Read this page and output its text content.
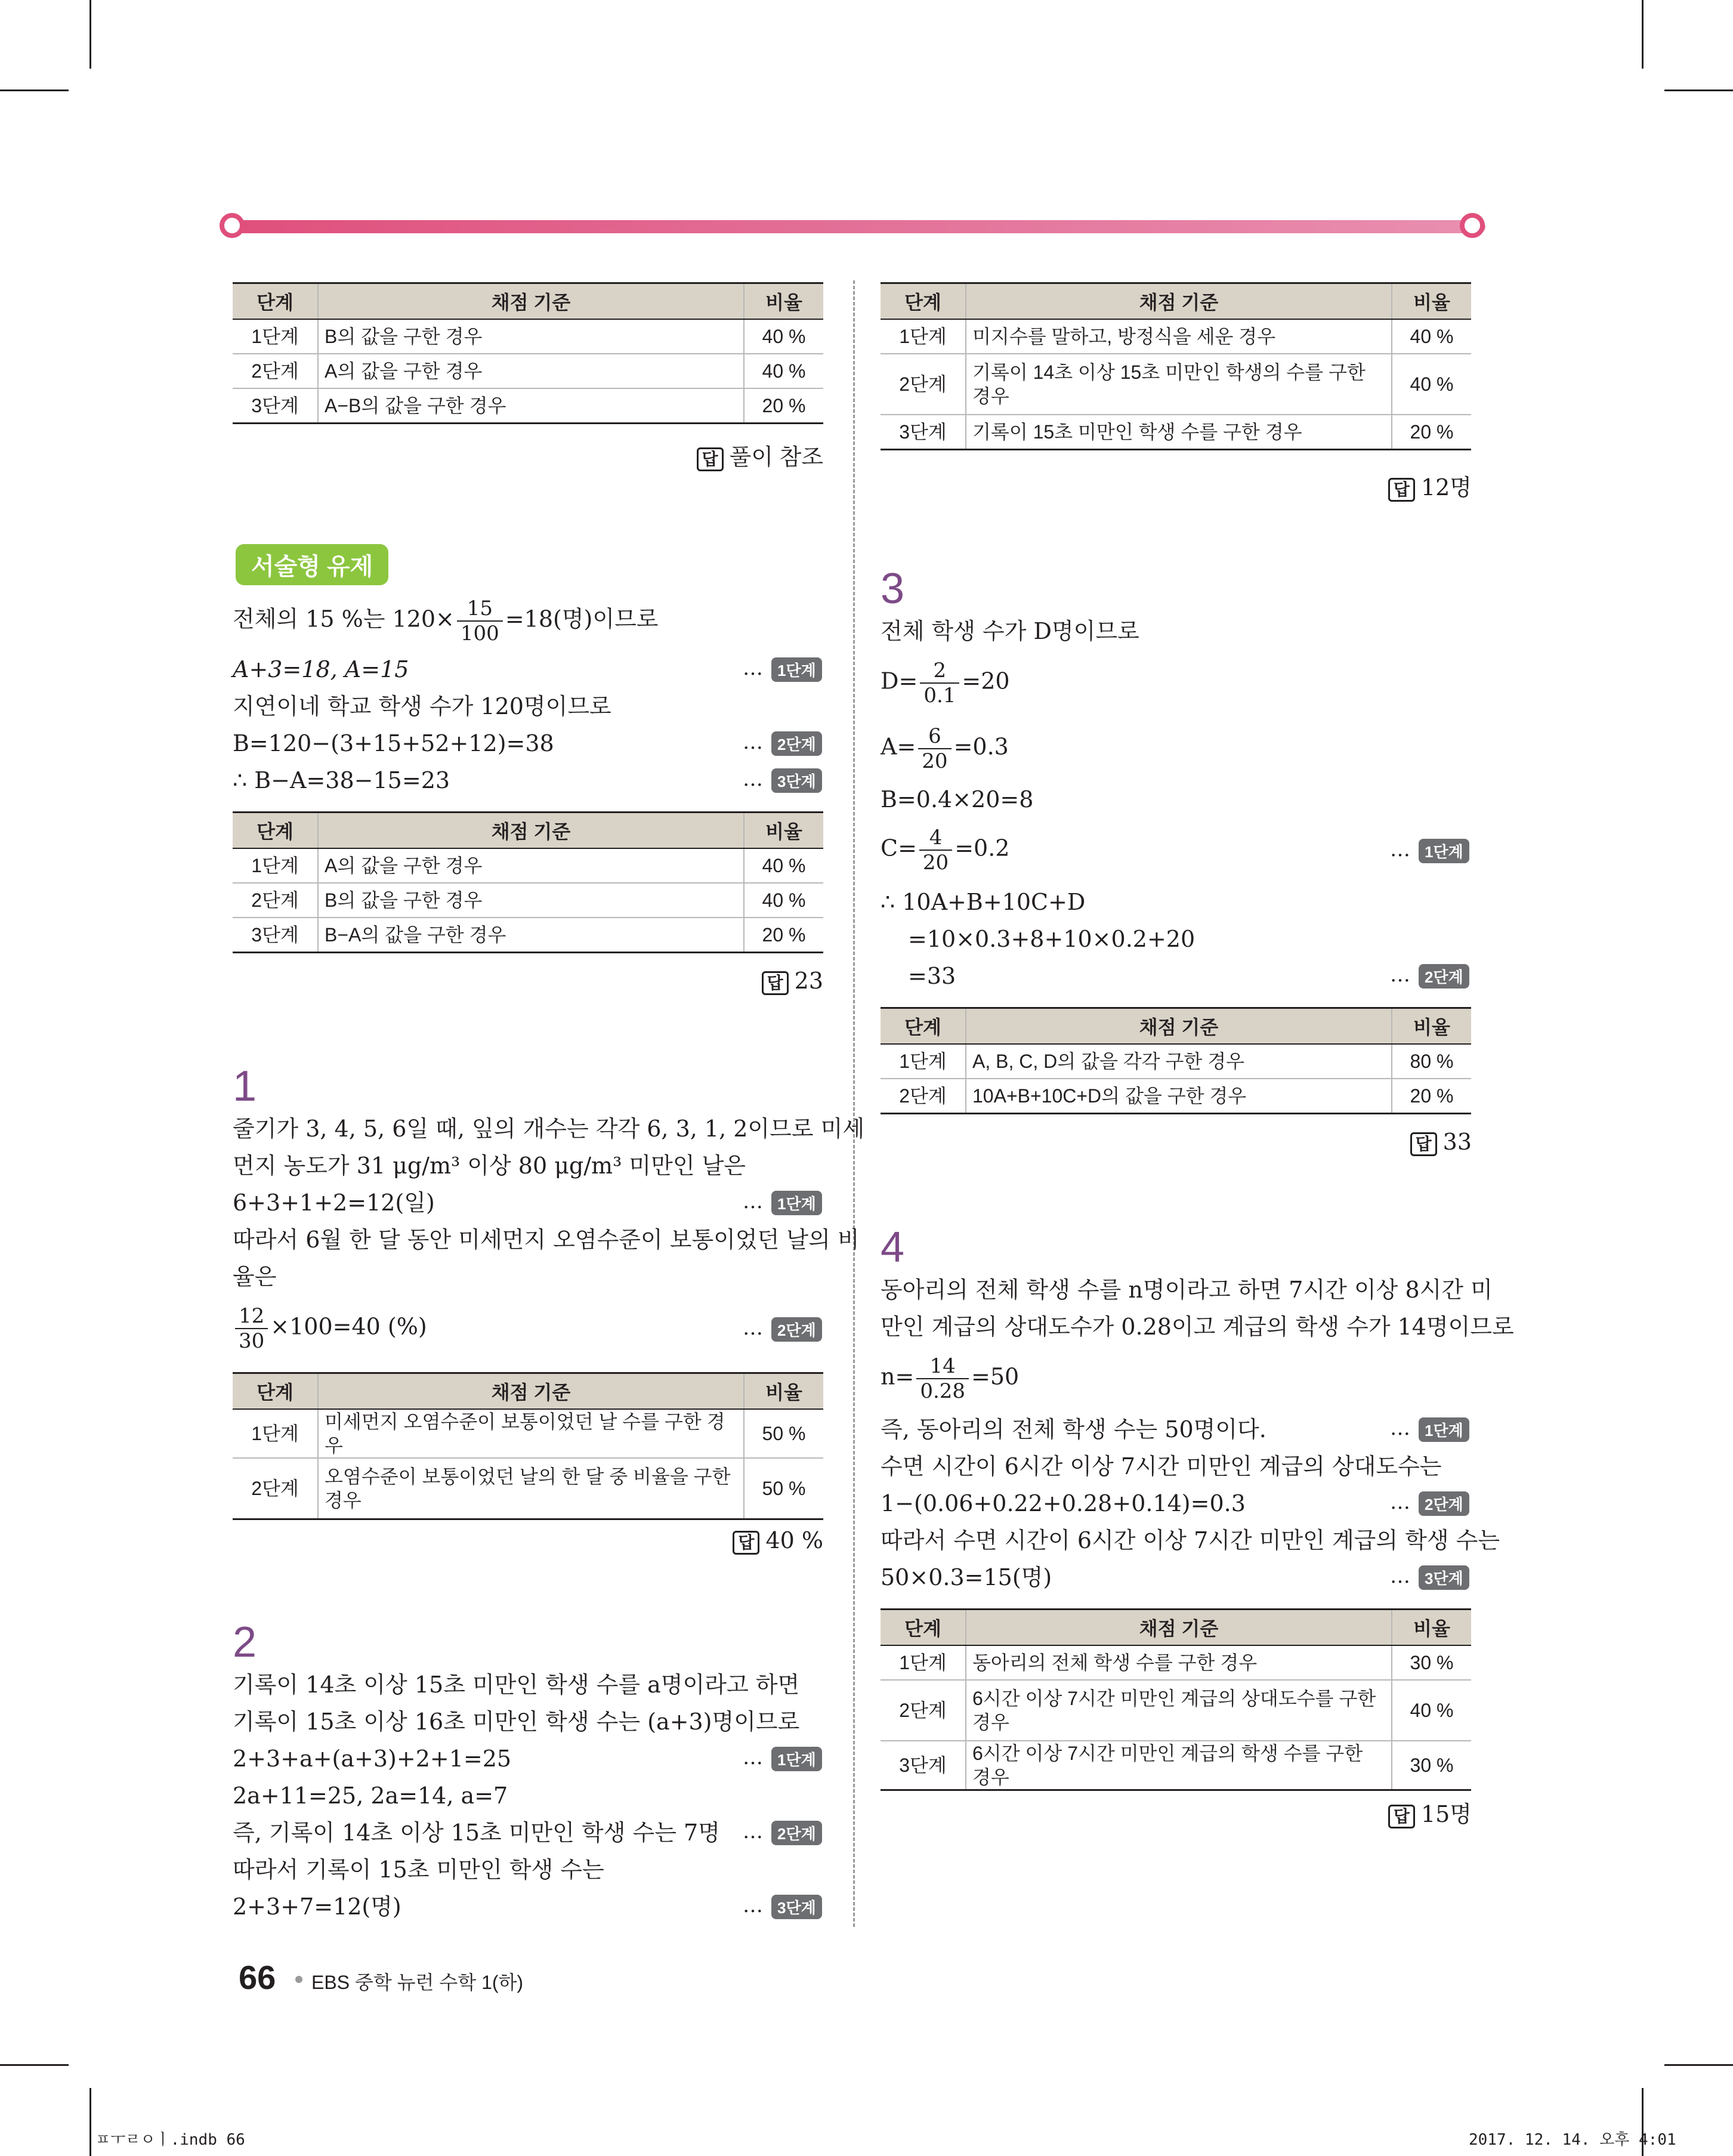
단계	채점 기준	비율
1단계	B의 값을 구한 경우	40 %
2단계	A의 값을 구한 경우	40 %
3단계	A−B의 값을 구한 경우	20 %
답 풀이 참조
서술형 유제
전체의 15 %는 $120\times \frac{15}{100} =18$(명)이므로
A+3=18, A=15	… 1단계
지연이네 학교 학생 수가 120명이므로
B=120−(3+15+52+12)=38	… 2단계
∴ B−A=38−15=23	… 3단계
단계	채점 기준	비율
1단계	A의 값을 구한 경우	40 %
2단계	B의 값을 구한 경우	40 %
3단계	B−A의 값을 구한 경우	20 %
답 23
1
줄기가 3, 4, 5, 6일 때, 잎의 개수는 각각 6, 3, 1, 2이므로 미세
먼지 농도가 31 μg/m³ 이상 80 μg/m³ 미만인 날은
6+3+1+2=12(일)	… 1단계
따라서 6월 한 달 동안 미세먼지 오염수준이 보통이었던 날의 비
율은
$\frac{12}{30} \times 100=40$ (%)	… 2단계
단계	채점 기준	비율
1단계	미세먼지 오염수준이 보통이었던 날 수를 구한 경우	50 %
2단계	오염수준이 보통이었던 날의 한 달 중 비율을 구한 경우	50 %
답 40 %
2
기록이 14초 이상 15초 미만인 학생 수를 a명이라고 하면
기록이 15초 이상 16초 미만인 학생 수는 (a+3)명이므로
2+3+a+(a+3)+2+1=25	… 1단계
2a+11=25, 2a=14, a=7
즉, 기록이 14초 이상 15초 미만인 학생 수는 7명 … 2단계
따라서 기록이 15초 미만인 학생 수는
2+3+7=12(명)	… 3단계
단계	채점 기준	비율
1단계	미지수를 말하고, 방정식을 세운 경우	40 %
2단계	기록이 14초 이상 15초 미만인 학생의 수를 구한 경우	40 %
3단계	기록이 15초 미만인 학생 수를 구한 경우	20 %
답 12명
3
전체 학생 수가 D명이므로
$D= \frac{2}{0.1} =20$
$A= \frac{6}{20} =0.3$
B=0.4×20=8
$C= \frac{4}{20} =0.2$	… 1단계
∴ 10A+B+10C+D
=10×0.3+8+10×0.2+20
=33	… 2단계
단계	채점 기준	비율
1단계	A, B, C, D의 값을 각각 구한 경우	80 %
2단계	10A+B+10C+D의 값을 구한 경우	20 %
답 33
4
동아리의 전체 학생 수를 n명이라고 하면 7시간 이상 8시간 미
만인 계급의 상대도수가 0.28이고 계급의 학생 수가 14명이므로
$n= \frac{14}{0.28} =50$
즉, 동아리의 전체 학생 수는 50명이다.	… 1단계
수면 시간이 6시간 이상 7시간 미만인 계급의 상대도수는
1−(0.06+0.22+0.28+0.14)=0.3	… 2단계
따라서 수면 시간이 6시간 이상 7시간 미만인 계급의 학생 수는
50×0.3=15(명)	… 3단계
단계	채점 기준	비율
1단계	동아리의 전체 학생 수를 구한 경우	30 %
2단계	6시간 이상 7시간 미만인 계급의 상대도수를 구한 경우	40 %
3단계	6시간 이상 7시간 미만인 계급의 학생 수를 구한 경우	30 %
답 15명
66 EBS 중학 뉴런 수학 1(하)
ㅍㅜㄹㅇㅣ.indb 66	2017. 12. 14. 오후 4:01
